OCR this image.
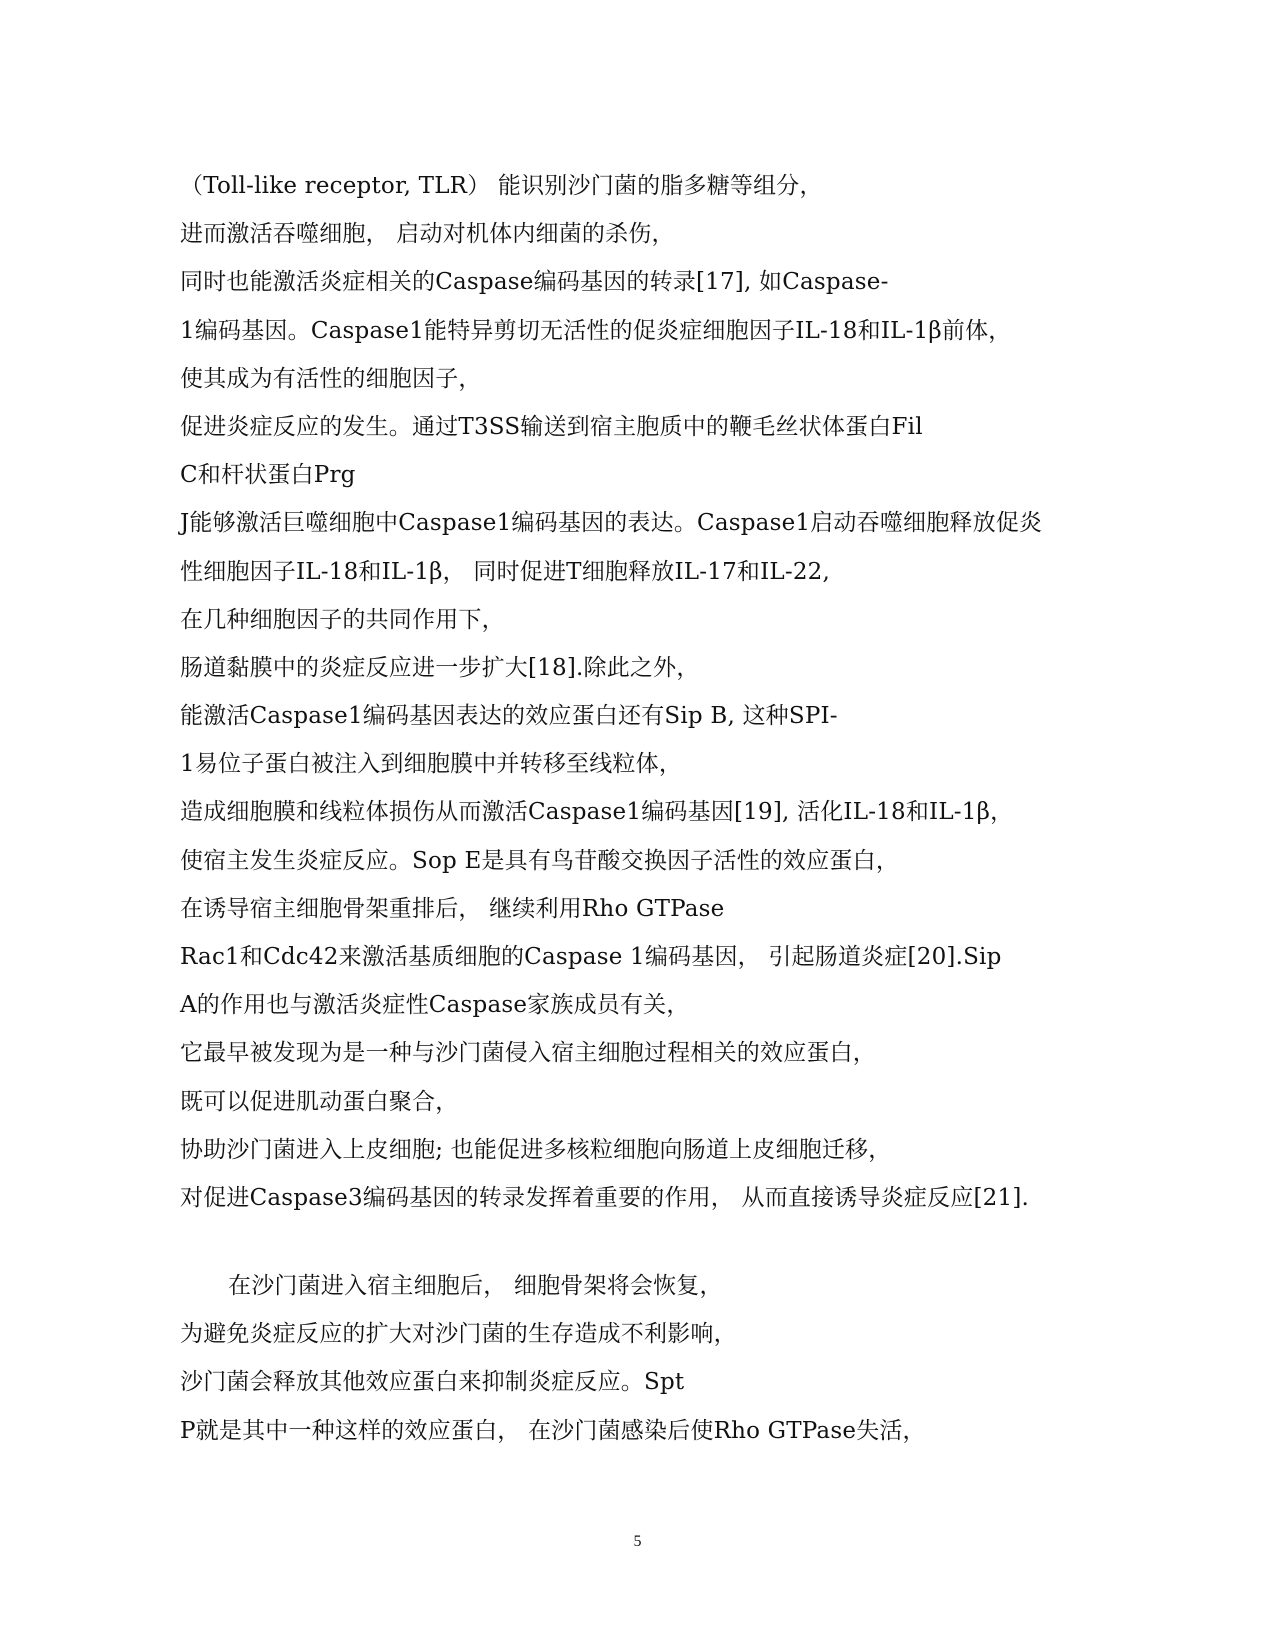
（Toll-like receptor, TLR） 能识别沙门菌的脂多糖等组分，
进而激活吞噬细胞， 启动对机体内细菌的杀伤，
同时也能激活炎症相关的Caspase编码基因的转录[17], 如Caspase-
1编码基因。Caspase1能特异剪切无活性的促炎症细胞因子IL-18和IL-1β前体，
使其成为有活性的细胞因子，
促进炎症反应的发生。通过T3SS输送到宿主胞质中的鞭毛丝状体蛋白Fil
C和杆状蛋白Prg
J能够激活巨噬细胞中Caspase1编码基因的表达。Caspase1启动吞噬细胞释放促炎
性细胞因子IL-18和IL-1β， 同时促进T细胞释放IL-17和IL-22,
在几种细胞因子的共同作用下，
肠道黏膜中的炎症反应进一步扩大[18].除此之外，
能激活Caspase1编码基因表达的效应蛋白还有Sip B, 这种SPI-
1易位子蛋白被注入到细胞膜中并转移至线粒体，
造成细胞膜和线粒体损伤从而激活Caspase1编码基因[19], 活化IL-18和IL-1β，
使宿主发生炎症反应。Sop E是具有鸟苷酸交换因子活性的效应蛋白，
在诱导宿主细胞骨架重排后， 继续利用Rho GTPase
Rac1和Cdc42来激活基质细胞的Caspase 1编码基因， 引起肠道炎症[20].Sip
A的作用也与激活炎症性Caspase家族成员有关，
它最早被发现为是一种与沙门菌侵入宿主细胞过程相关的效应蛋白，
既可以促进肌动蛋白聚合，
协助沙门菌进入上皮细胞; 也能促进多核粒细胞向肠道上皮细胞迁移，
对促进Caspase3编码基因的转录发挥着重要的作用， 从而直接诱导炎症反应[21].
在沙门菌进入宿主细胞后， 细胞骨架将会恢复，
为避免炎症反应的扩大对沙门菌的生存造成不利影响，
沙门菌会释放其他效应蛋白来抑制炎症反应。Spt
P就是其中一种这样的效应蛋白， 在沙门菌感染后使Rho GTPase失活，
5
